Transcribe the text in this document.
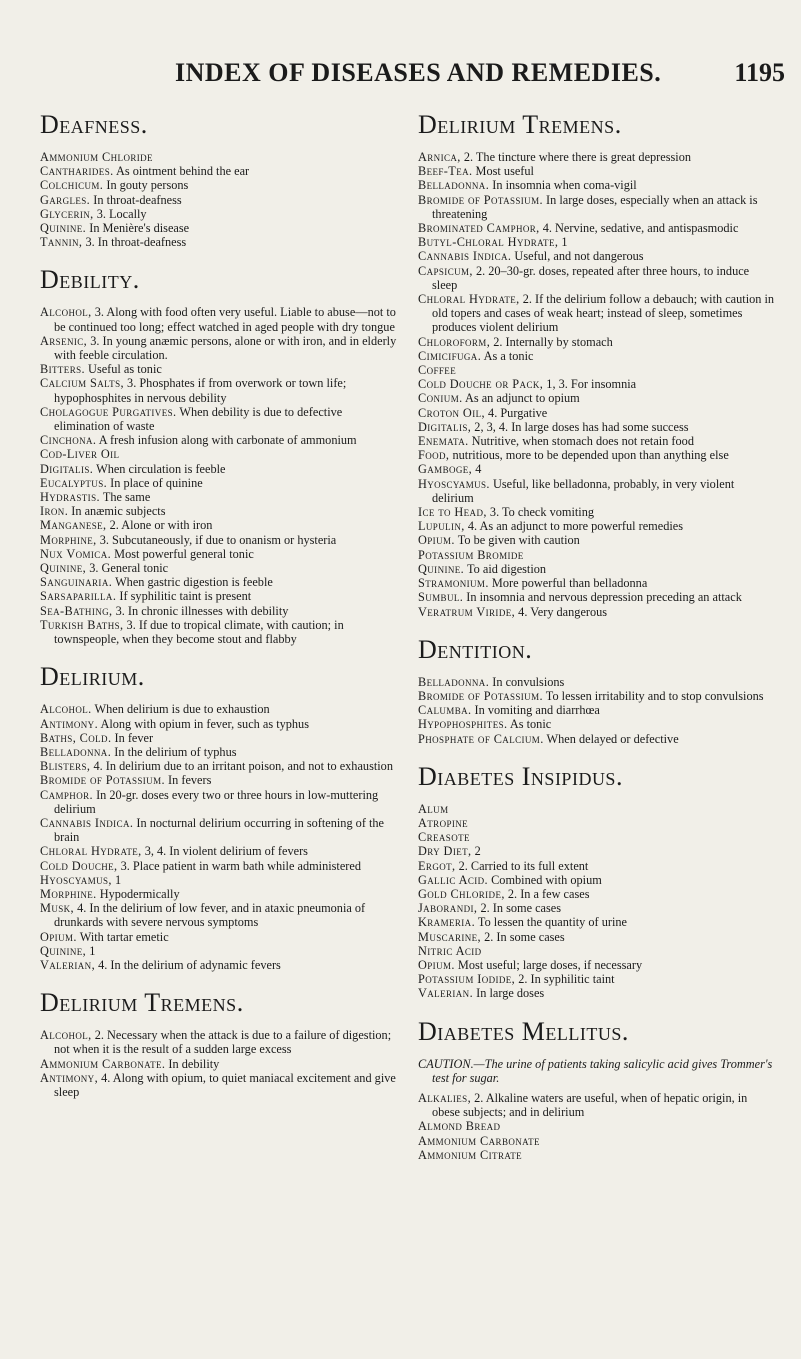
INDEX OF DISEASES AND REMEDIES.	1195
Deafness.

Ammonium Chloride

Cantharides. As ointment behind the ear

Colchicum. In gouty persons

Gargles. In throat-deafness

Glycerin, 3. Locally

Quinine. In Menière's disease

Tannin, 3. In throat-deafness

Debility.

Alcohol, 3. Along with food often very useful. Liable to abuse—not to be continued too long; effect watched in aged people with dry tongue

Arsenic, 3. In young anæmic persons, alone or with iron, and in elderly with feeble circulation.

Bitters. Useful as tonic

Calcium Salts, 3. Phosphates if from overwork or town life; hypophosphites in nervous debility

Cholagogue Purgatives. When debility is due to defective elimination of waste

Cinchona. A fresh infusion along with carbonate of ammonium

Cod-Liver Oil

Digitalis. When circulation is feeble

Eucalyptus. In place of quinine

Hydrastis. The same

Iron. In anæmic subjects

Manganese, 2. Alone or with iron

Morphine, 3. Subcutaneously, if due to onanism or hysteria

Nux Vomica. Most powerful general tonic

Quinine, 3. General tonic

Sanguinaria. When gastric digestion is feeble

Sarsaparilla. If syphilitic taint is present

Sea-Bathing, 3. In chronic illnesses with debility

Turkish Baths, 3. If due to tropical climate, with caution; in townspeople, when they become stout and flabby

Delirium.

Alcohol. When delirium is due to exhaustion

Antimony. Along with opium in fever, such as typhus

Baths, Cold. In fever

Belladonna. In the delirium of typhus

Blisters, 4. In delirium due to an irritant poison, and not to exhaustion

Bromide of Potassium. In fevers

Camphor. In 20-gr. doses every two or three hours in low-muttering delirium

Cannabis Indica. In nocturnal delirium occurring in softening of the brain

Chloral Hydrate, 3, 4. In violent delirium of fevers

Cold Douche, 3. Place patient in warm bath while administered

Hyoscyamus, 1

Morphine. Hypodermically

Musk, 4. In the delirium of low fever, and in ataxic pneumonia of drunkards with severe nervous symptoms

Opium. With tartar emetic

Quinine, 1

Valerian, 4. In the delirium of adynamic fevers

Delirium Tremens.

Alcohol, 2. Necessary when the attack is due to a failure of digestion; not when it is the result of a sudden large excess

Ammonium Carbonate. In debility

Antimony, 4. Along with opium, to quiet maniacal excitement and give sleep

Delirium Tremens.

Arnica, 2. The tincture where there is great depression

Beef-Tea. Most useful

Belladonna. In insomnia when coma-vigil

Bromide of Potassium. In large doses, especially when an attack is threatening

Brominated Camphor, 4. Nervine, sedative, and antispasmodic

Butyl-Chloral Hydrate, 1

Cannabis Indica. Useful, and not dangerous

Capsicum, 2. 20–30-gr. doses, repeated after three hours, to induce sleep

Chloral Hydrate, 2. If the delirium follow a debauch; with caution in old topers and cases of weak heart; instead of sleep, sometimes produces violent delirium

Chloroform, 2. Internally by stomach

Cimicifuga. As a tonic

Coffee

Cold Douche or Pack, 1, 3. For insomnia

Conium. As an adjunct to opium

Croton Oil, 4. Purgative

Digitalis, 2, 3, 4. In large doses has had some success

Enemata. Nutritive, when stomach does not retain food

Food, nutritious, more to be depended upon than anything else

Gamboge, 4

Hyoscyamus. Useful, like belladonna, probably, in very violent delirium

Ice to Head, 3. To check vomiting

Lupulin, 4. As an adjunct to more powerful remedies

Opium. To be given with caution

Potassium Bromide

Quinine. To aid digestion

Stramonium. More powerful than belladonna

Sumbul. In insomnia and nervous depression preceding an attack

Veratrum Viride, 4. Very dangerous

Dentition.

Belladonna. In convulsions

Bromide of Potassium. To lessen irritability and to stop convulsions

Calumba. In vomiting and diarrhœa

Hypophosphites. As tonic

Phosphate of Calcium. When delayed or defective

Diabetes Insipidus.

Alum

Atropine

Creasote

Dry Diet, 2

Ergot, 2. Carried to its full extent

Gallic Acid. Combined with opium

Gold Chloride, 2. In a few cases

Jaborandi, 2. In some cases

Krameria. To lessen the quantity of urine

Muscarine, 2. In some cases

Nitric Acid

Opium. Most useful; large doses, if necessary

Potassium Iodide, 2. In syphilitic taint

Valerian. In large doses

Diabetes Mellitus.

CAUTION.—The urine of patients taking salicylic acid gives Trommer's test for sugar.

Alkalies, 2. Alkaline waters are useful, when of hepatic origin, in obese subjects; and in delirium

Almond Bread

Ammonium Carbonate

Ammonium Citrate
